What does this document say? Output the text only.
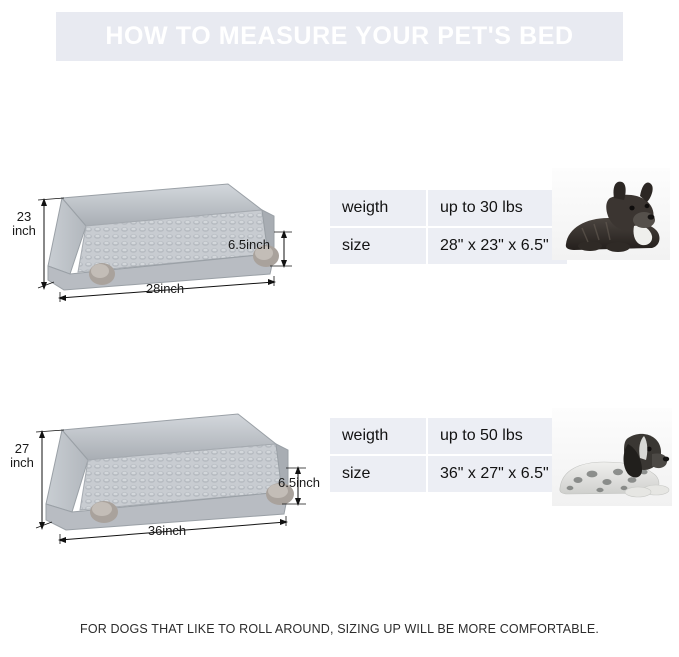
HOW TO MEASURE YOUR PET'S BED
23
inch
28inch
6.5inch
weigth	up to 30 lbs
size	28" x 23" x 6.5"
27
inch
36inch
6.5inch
weigth	up to 50 lbs
size	36" x 27" x 6.5"
FOR DOGS THAT LIKE TO ROLL AROUND, SIZING UP WILL BE MORE COMFORTABLE.
